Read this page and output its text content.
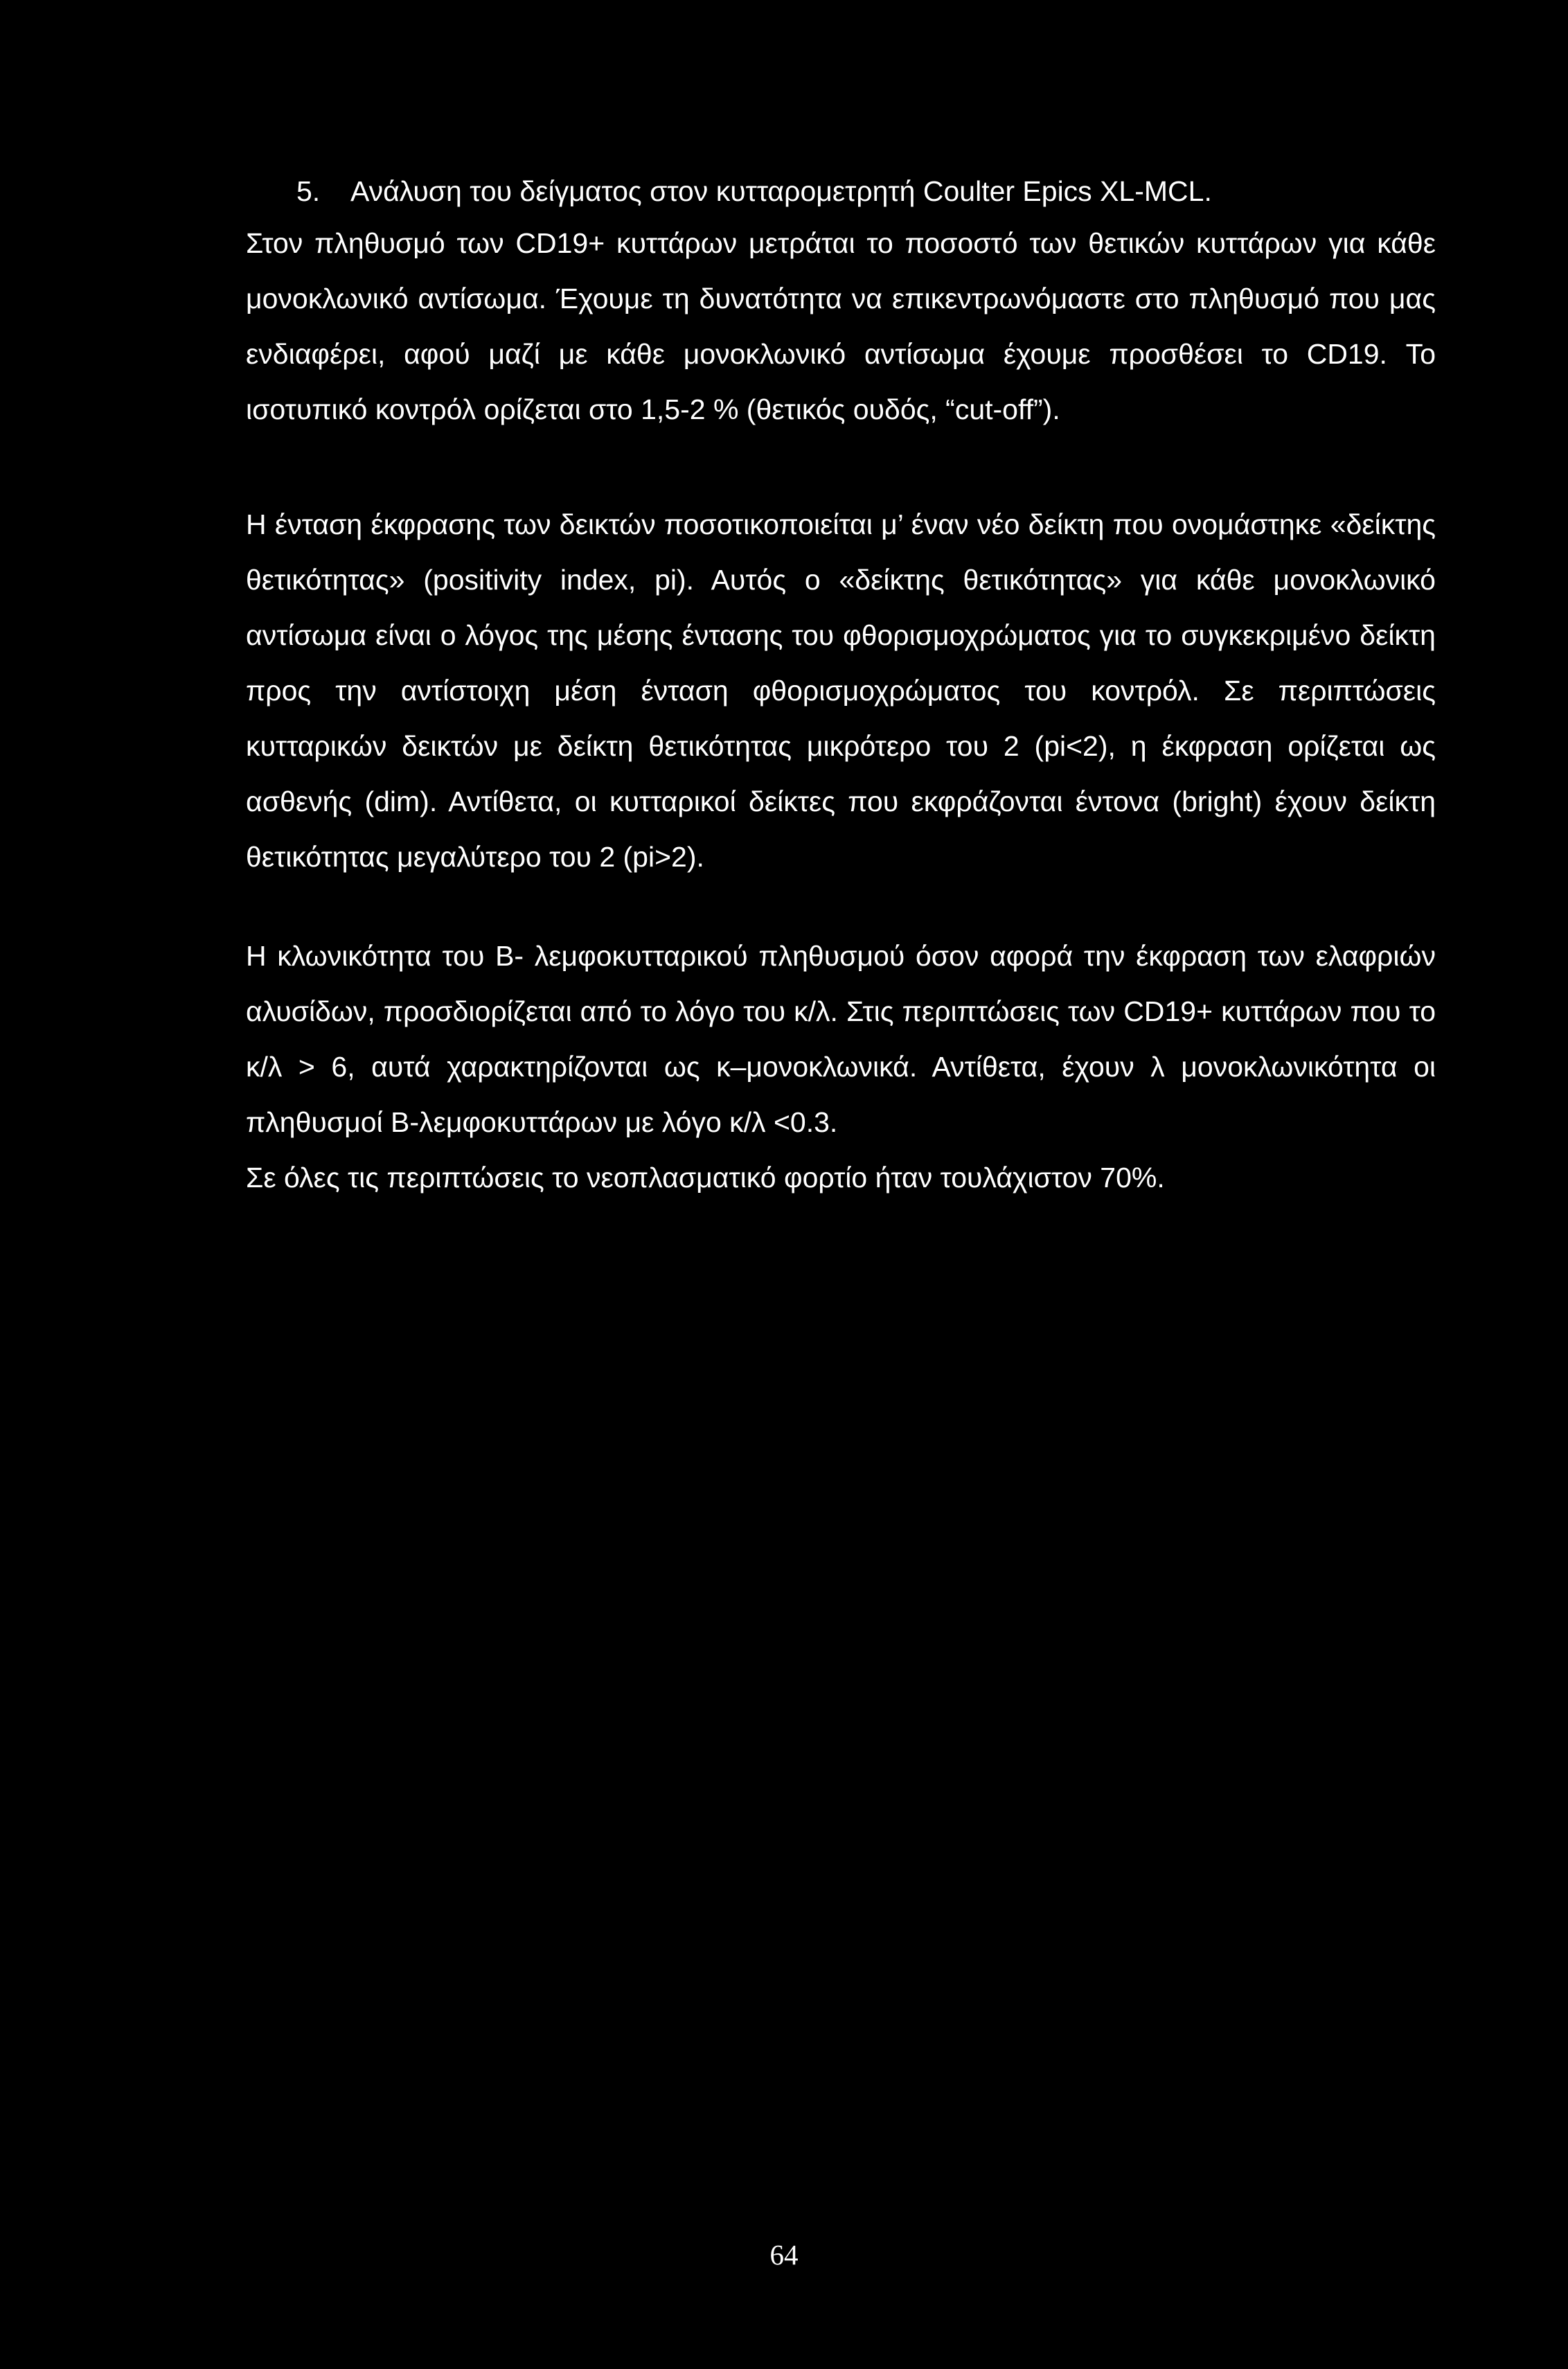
5. Ανάλυση του δείγματος στον κυτταρομετρητή Coulter Epics XL-MCL.

Στον πληθυσμό των CD19+ κυττάρων μετράται το ποσοστό των θετικών κυττάρων για κάθε μονοκλωνικό αντίσωμα. Έχουμε τη δυνατότητα να επικεντρωνόμαστε στο πληθυσμό που μας ενδιαφέρει, αφού μαζί με κάθε μονοκλωνικό αντίσωμα έχουμε προσθέσει το CD19. Το ισοτυπικό κοντρόλ ορίζεται στο 1,5-2 % (θετικός ουδός, “cut-off”).

Η ένταση έκφρασης των δεικτών ποσοτικοποιείται μ’ έναν νέο δείκτη που ονομάστηκε «δείκτης θετικότητας» (positivity index, pi). Αυτός ο «δείκτης θετικότητας» για κάθε μονοκλωνικό αντίσωμα είναι ο λόγος της μέσης έντασης του φθορισμοχρώματος για το συγκεκριμένο δείκτη προς την αντίστοιχη μέση ένταση φθορισμοχρώματος του κοντρόλ. Σε περιπτώσεις κυτταρικών δεικτών με δείκτη θετικότητας μικρότερο του 2 (pi<2), η έκφραση ορίζεται ως ασθενής (dim). Αντίθετα, οι κυτταρικοί δείκτες που εκφράζονται έντονα (bright) έχουν δείκτη θετικότητας μεγαλύτερο του 2 (pi>2).

Η κλωνικότητα του Β- λεμφοκυτταρικού πληθυσμού όσον αφορά την έκφραση των ελαφριών αλυσίδων, προσδιορίζεται από το λόγο του κ/λ. Στις περιπτώσεις των CD19+ κυττάρων που το κ/λ > 6, αυτά χαρακτηρίζονται ως κ–μονοκλωνικά. Αντίθετα, έχουν λ μονοκλωνικότητα οι πληθυσμοί Β-λεμφοκυττάρων με λόγο κ/λ <0.3.

Σε όλες τις περιπτώσεις το νεοπλασματικό φορτίο ήταν τουλάχιστον 70%.

64
